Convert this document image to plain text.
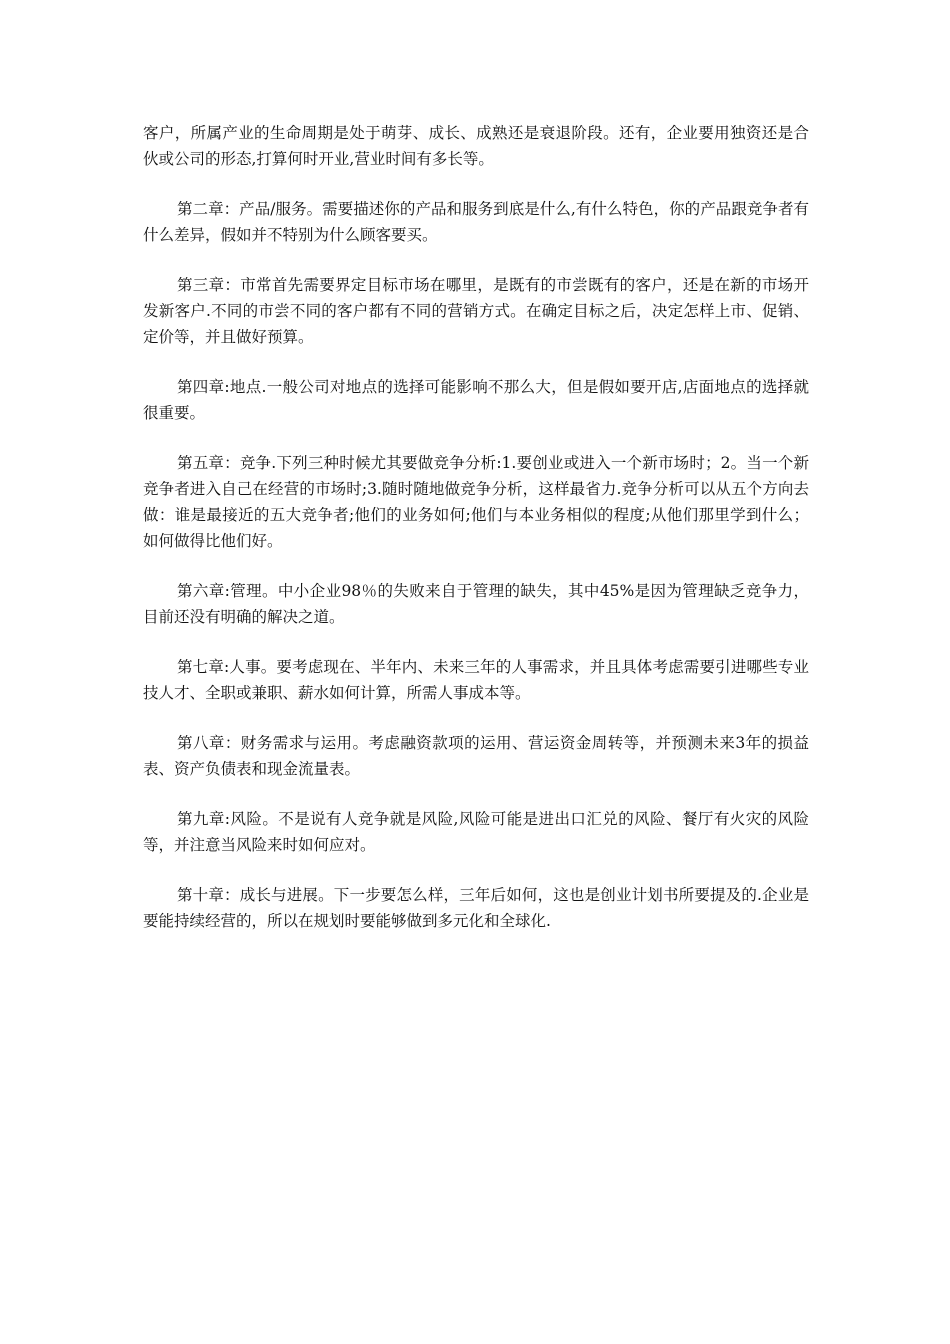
客户，所属产业的生命周期是处于萌芽、成长、成熟还是衰退阶段。还有，企业要用独资还是合伙或公司的形态,打算何时开业,营业时间有多长等。

第二章：产品/服务。需要描述你的产品和服务到底是什么,有什么特色，你的产品跟竞争者有什么差异，假如并不特别为什么顾客要买。

第三章：市常首先需要界定目标市场在哪里，是既有的市尝既有的客户，还是在新的市场开发新客户.不同的市尝不同的客户都有不同的营销方式。在确定目标之后，决定怎样上市、促销、定价等，并且做好预算。

第四章:地点.一般公司对地点的选择可能影响不那么大，但是假如要开店,店面地点的选择就很重要。

第五章：竞争.下列三种时候尤其要做竞争分析:1.要创业或进入一个新市场时；2。当一个新竞争者进入自己在经营的市场时;3.随时随地做竞争分析，这样最省力.竞争分析可以从五个方向去做：谁是最接近的五大竞争者;他们的业务如何;他们与本业务相似的程度;从他们那里学到什么；如何做得比他们好。

第六章:管理。中小企业98％的失败来自于管理的缺失，其中45%是因为管理缺乏竞争力，目前还没有明确的解决之道。

第七章:人事。要考虑现在、半年内、未来三年的人事需求，并且具体考虑需要引进哪些专业技人才、全职或兼职、薪水如何计算，所需人事成本等。

第八章：财务需求与运用。考虑融资款项的运用、营运资金周转等，并预测未来3年的损益表、资产负债表和现金流量表。

第九章:风险。不是说有人竞争就是风险,风险可能是进出口汇兑的风险、餐厅有火灾的风险等，并注意当风险来时如何应对。

第十章：成长与进展。下一步要怎么样，三年后如何，这也是创业计划书所要提及的.企业是要能持续经营的，所以在规划时要能够做到多元化和全球化.
